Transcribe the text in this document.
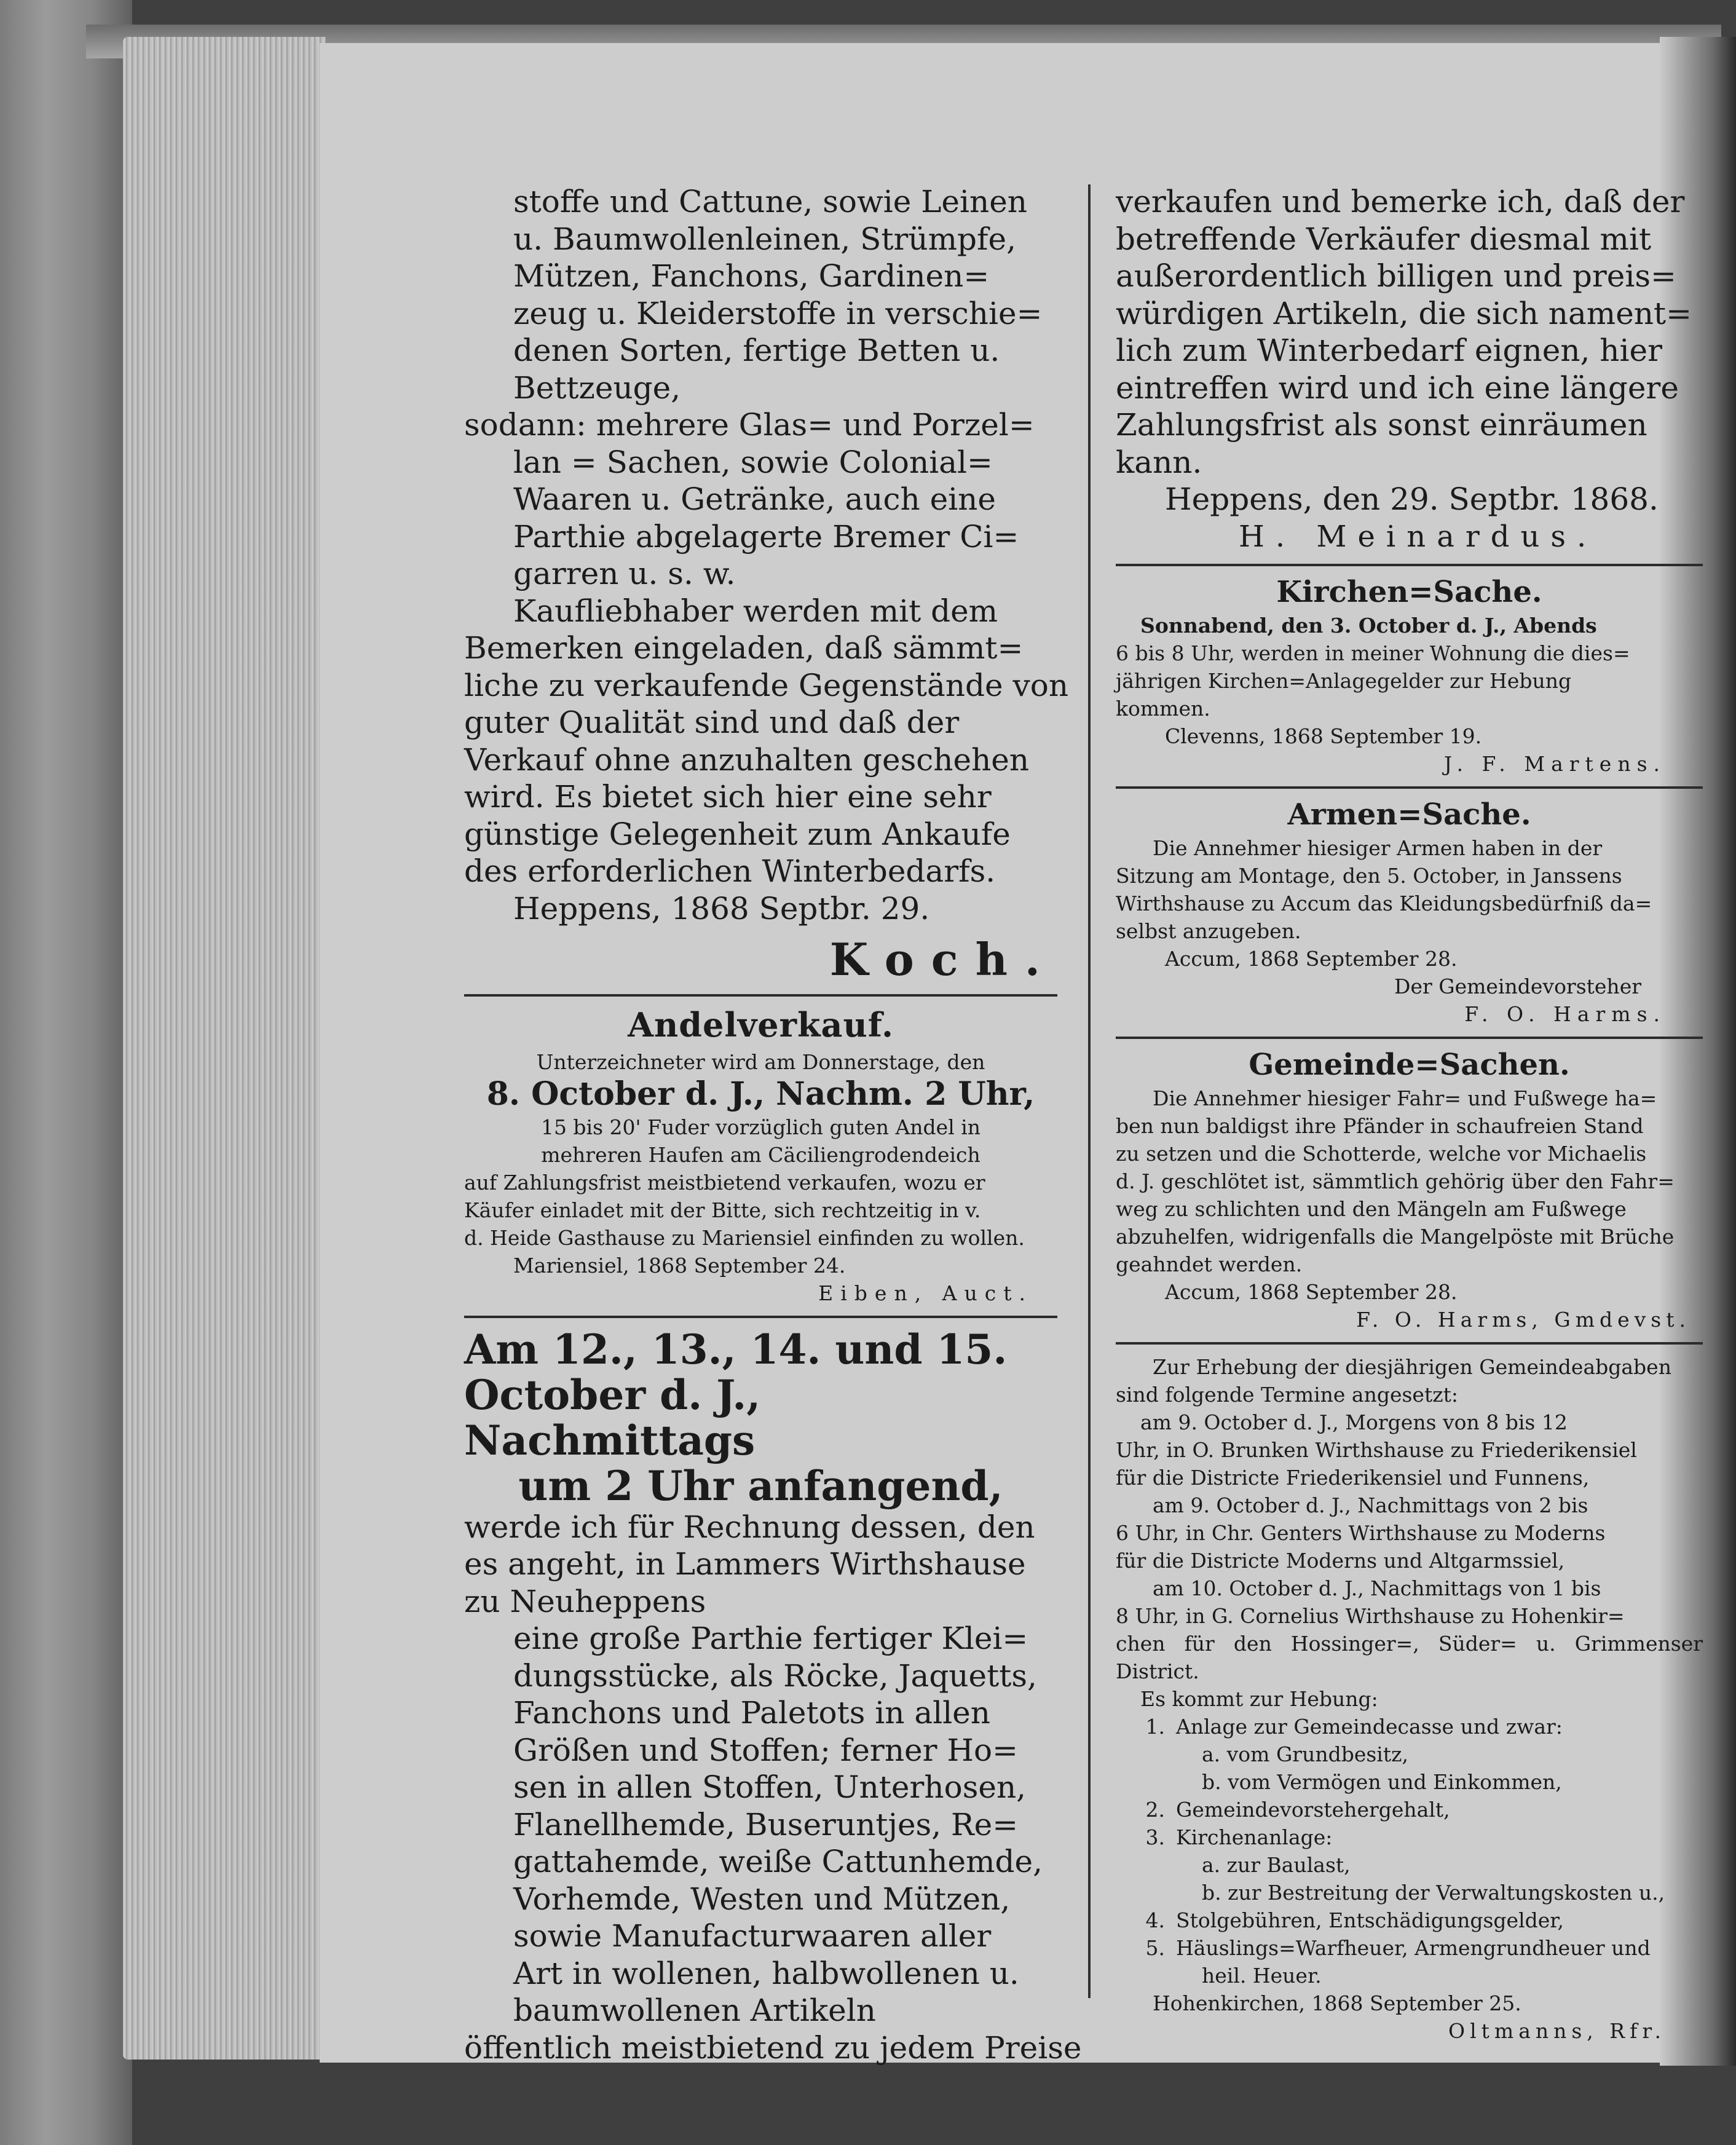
stoffe und Cattune, sowie Leinen
u. Baumwollenleinen, Strümpfe,
Mützen, Fanchons, Gardinen=
zeug u. Kleiderstoffe in verschie=
denen Sorten, fertige Betten u.
Bettzeuge,
sodann: mehrere Glas= und Porzel=
lan = Sachen, sowie Colonial=
Waaren u. Getränke, auch eine
Parthie abgelagerte Bremer Ci=
garren u. s. w.
Kaufliebhaber werden mit dem
Bemerken eingeladen, daß sämmt=
liche zu verkaufende Gegenstände von
guter Qualität sind und daß der
Verkauf ohne anzuhalten geschehen
wird. Es bietet sich hier eine sehr
günstige Gelegenheit zum Ankaufe
des erforderlichen Winterbedarfs.
Heppens, 1868 Septbr. 29.
Koch.
Andelverkauf.
Unterzeichneter wird am Donnerstage, den
8. October d. J., Nachm. 2 Uhr,
15 bis 20' Fuder vorzüglich guten Andel in
mehreren Haufen am Cäciliengrodendeich
auf Zahlungsfrist meistbietend verkaufen, wozu er
Käufer einladet mit der Bitte, sich rechtzeitig in v.
d. Heide Gasthause zu Mariensiel einfinden zu wollen.
Mariensiel, 1868 September 24.
Eiben, Auct.
Am 12., 13., 14. und 15.
October d. J., Nachmittags
um 2 Uhr anfangend,
werde ich für Rechnung dessen, den
es angeht, in Lammers Wirthshause
zu Neuheppens
eine große Parthie fertiger Klei=
dungsstücke, als Röcke, Jaquetts,
Fanchons und Paletots in allen
Größen und Stoffen; ferner Ho=
sen in allen Stoffen, Unterhosen,
Flanellhemde, Buseruntjes, Re=
gattahemde, weiße Cattunhemde,
Vorhemde, Westen und Mützen,
sowie Manufacturwaaren aller
Art in wollenen, halbwollenen u.
baumwollenen Artikeln
öffentlich meistbietend zu jedem Preise
verkaufen und bemerke ich, daß der
betreffende Verkäufer diesmal mit
außerordentlich billigen und preis=
würdigen Artikeln, die sich nament=
lich zum Winterbedarf eignen, hier
eintreffen wird und ich eine längere
Zahlungsfrist als sonst einräumen
kann.
Heppens, den 29. Septbr. 1868.
H. Meinardus.
Kirchen=Sache.
Sonnabend, den 3. October d. J., Abends
6 bis 8 Uhr, werden in meiner Wohnung die dies=
jährigen Kirchen=Anlagegelder zur Hebung
kommen.
Clevenns, 1868 September 19.
J. F. Martens.
Armen=Sache.
Die Annehmer hiesiger Armen haben in der
Sitzung am Montage, den 5. October, in Janssens
Wirthshause zu Accum das Kleidungsbedürfniß da=
selbst anzugeben.
Accum, 1868 September 28.
Der Gemeindevorsteher
F. O. Harms.
Gemeinde=Sachen.
Die Annehmer hiesiger Fahr= und Fußwege ha=
ben nun baldigst ihre Pfänder in schaufreien Stand
zu setzen und die Schotterde, welche vor Michaelis
d. J. geschlötet ist, sämmtlich gehörig über den Fahr=
weg zu schlichten und den Mängeln am Fußwege
abzuhelfen, widrigenfalls die Mangelpöste mit Brüche
geahndet werden.
Accum, 1868 September 28.
F. O. Harms, Gmdevst.
Zur Erhebung der diesjährigen Gemeindeabgaben
sind folgende Termine angesetzt:
am 9. October d. J., Morgens von 8 bis 12
Uhr, in O. Brunken Wirthshause zu Friederikensiel
für die Districte Friederikensiel und Funnens,
am 9. October d. J., Nachmittags von 2 bis
6 Uhr, in Chr. Genters Wirthshause zu Moderns
für die Districte Moderns und Altgarmssiel,
am 10. October d. J., Nachmittags von 1 bis
8 Uhr, in G. Cornelius Wirthshause zu Hohenkir=
chen für den Hossinger=, Süder= u. Grimmenser District.
Es kommt zur Hebung:
1. Anlage zur Gemeindecasse und zwar:
a. vom Grundbesitz,
b. vom Vermögen und Einkommen,
2. Gemeindevorstehergehalt,
3. Kirchenanlage:
a. zur Baulast,
b. zur Bestreitung der Verwaltungskosten u.,
4. Stolgebühren, Entschädigungsgelder,
5. Häuslings=Warfheuer, Armengrundheuer und
heil. Heuer.
Hohenkirchen, 1868 September 25.
Oltmanns, Rfr.
